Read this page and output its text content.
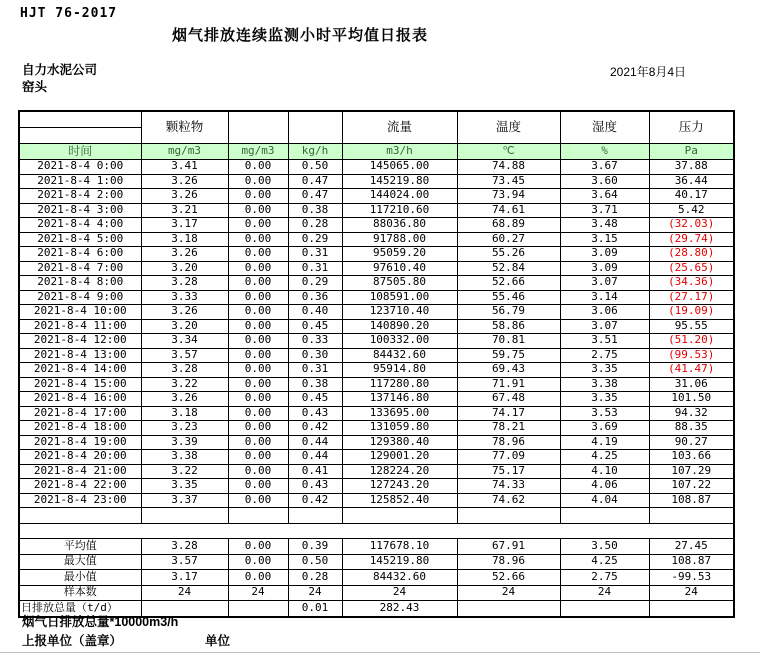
HJT 76-2017
烟气排放连续监测小时平均值日报表
自力水泥公司
窑头
2021年8月4日
	颗粒物			流量	温度	湿度	压力

时间	mg/m3	mg/m3	kg/h	m3/h	℃	%	Pa
2021-8-4 0:00	3.41	0.00	0.50	145065.00	74.88	3.67	37.88
2021-8-4 1:00	3.26	0.00	0.47	145219.80	73.45	3.60	36.44
2021-8-4 2:00	3.26	0.00	0.47	144024.00	73.94	3.64	40.17
2021-8-4 3:00	3.21	0.00	0.38	117210.60	74.61	3.71	5.42
2021-8-4 4:00	3.17	0.00	0.28	88036.80	68.89	3.48	(32.03)
2021-8-4 5:00	3.18	0.00	0.29	91788.00	60.27	3.15	(29.74)
2021-8-4 6:00	3.26	0.00	0.31	95059.20	55.26	3.09	(28.80)
2021-8-4 7:00	3.20	0.00	0.31	97610.40	52.84	3.09	(25.65)
2021-8-4 8:00	3.28	0.00	0.29	87505.80	52.66	3.07	(34.36)
2021-8-4 9:00	3.33	0.00	0.36	108591.00	55.46	3.14	(27.17)
2021-8-4 10:00	3.26	0.00	0.40	123710.40	56.79	3.06	(19.09)
2021-8-4 11:00	3.20	0.00	0.45	140890.20	58.86	3.07	95.55
2021-8-4 12:00	3.34	0.00	0.33	100332.00	70.81	3.51	(51.20)
2021-8-4 13:00	3.57	0.00	0.30	84432.60	59.75	2.75	(99.53)
2021-8-4 14:00	3.28	0.00	0.31	95914.80	69.43	3.35	(41.47)
2021-8-4 15:00	3.22	0.00	0.38	117280.80	71.91	3.38	31.06
2021-8-4 16:00	3.26	0.00	0.45	137146.80	67.48	3.35	101.50
2021-8-4 17:00	3.18	0.00	0.43	133695.00	74.17	3.53	94.32
2021-8-4 18:00	3.23	0.00	0.42	131059.80	78.21	3.69	88.35
2021-8-4 19:00	3.39	0.00	0.44	129380.40	78.96	4.19	90.27
2021-8-4 20:00	3.38	0.00	0.44	129001.20	77.09	4.25	103.66
2021-8-4 21:00	3.22	0.00	0.41	128224.20	75.17	4.10	107.29
2021-8-4 22:00	3.35	0.00	0.43	127243.20	74.33	4.06	107.22
2021-8-4 23:00	3.37	0.00	0.42	125852.40	74.62	4.04	108.87

平均值	3.28	0.00	0.39	117678.10	67.91	3.50	27.45
最大值	3.57	0.00	0.50	145219.80	78.96	4.25	108.87
最小值	3.17	0.00	0.28	84432.60	52.66	2.75	-99.53
样本数	24	24	24	24	24	24	24
日排放总量（t/d）			0.01	282.43			
烟气日排放总量*10000m3/h
上报单位（盖章）	单位
